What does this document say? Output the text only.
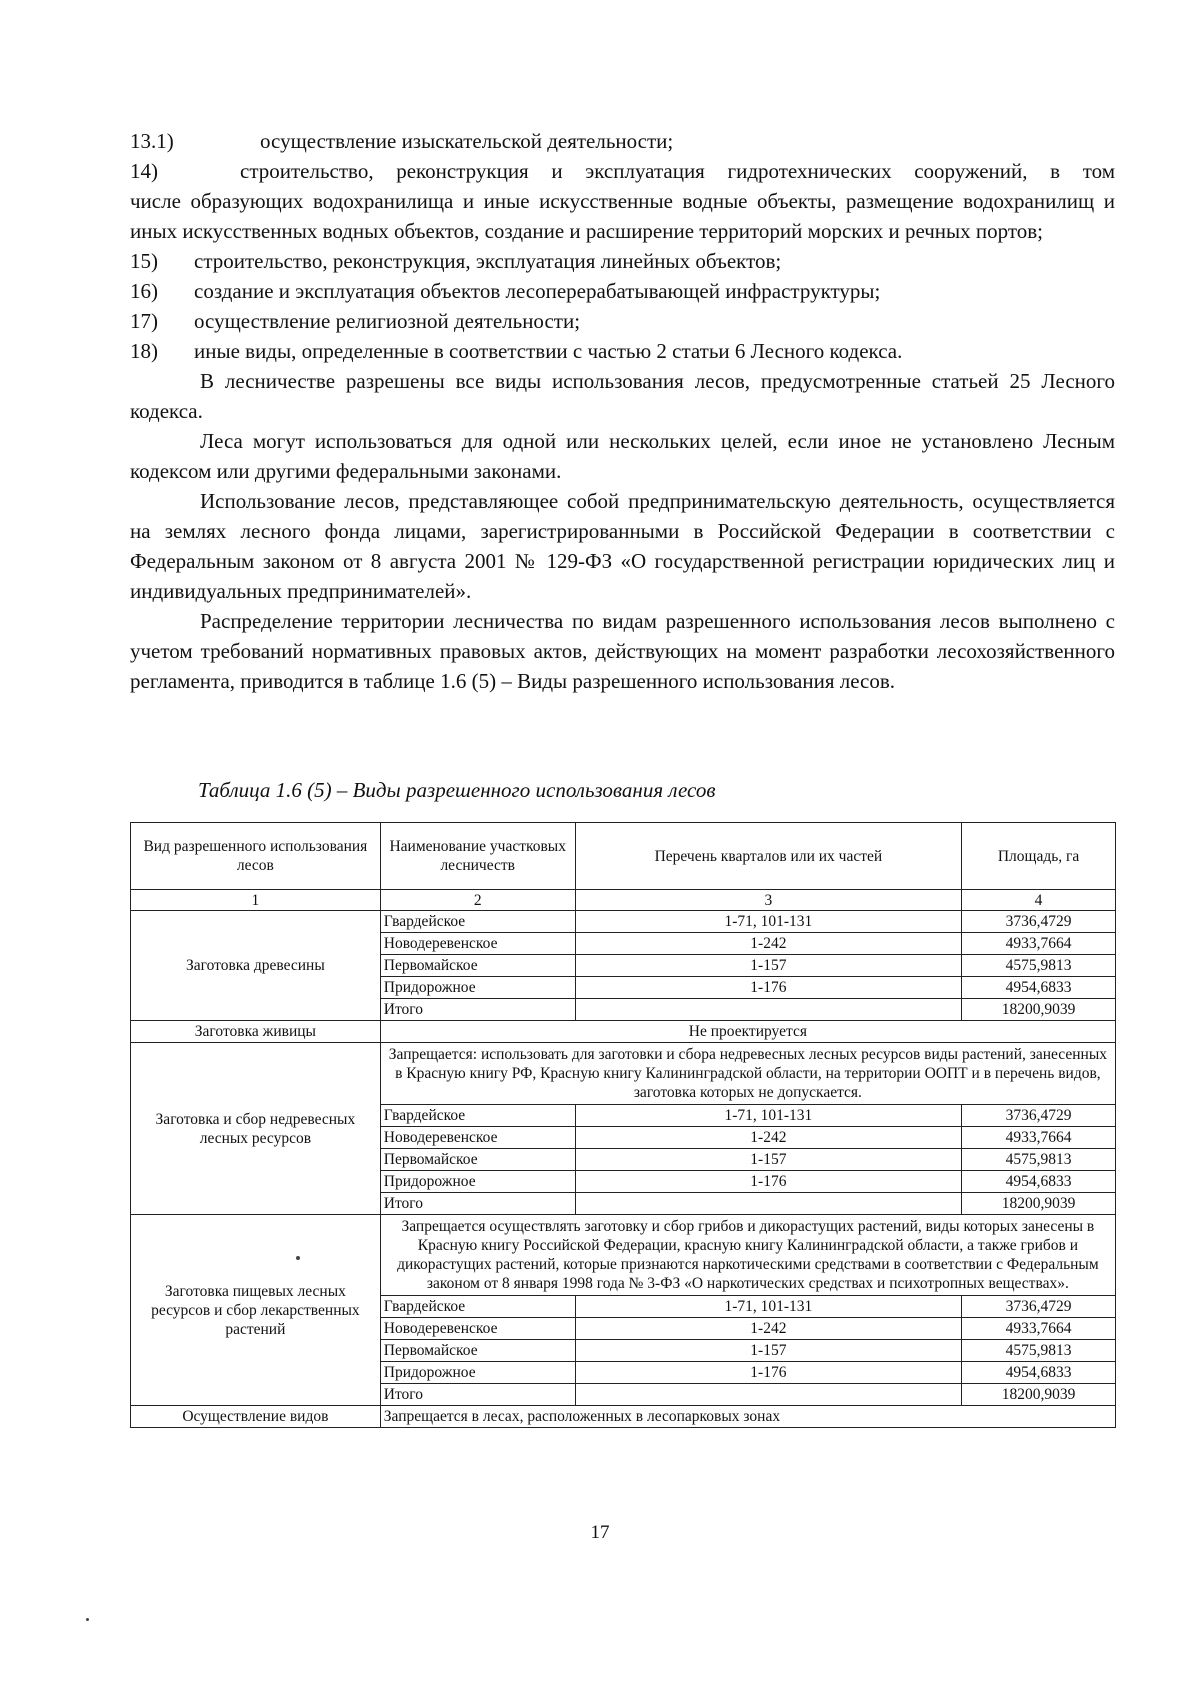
13.1)	осуществление изыскательской деятельности;
14)	строительство, реконструкция и эксплуатация гидротехнических сооружений, в том
числе образующих водохранилища и иные искусственные водные объекты, размещение водохранилищ и иных искусственных водных объектов, создание и расширение территорий морских и речных портов;
15)	строительство, реконструкция, эксплуатация линейных объектов;
16)	создание и эксплуатация объектов лесоперерабатывающей инфраструктуры;
17)	осуществление религиозной деятельности;
18)	иные виды, определенные в соответствии с частью 2 статьи 6 Лесного кодекса.

В лесничестве разрешены все виды использования лесов, предусмотренные статьей 25 Лесного кодекса.

Леса могут использоваться для одной или нескольких целей, если иное не установлено Лесным кодексом или другими федеральными законами.

Использование лесов, представляющее собой предпринимательскую деятельность, осуществляется на землях лесного фонда лицами, зарегистрированными в Российской Федерации в соответствии с Федеральным законом от 8 августа 2001 № 129-ФЗ «О государственной регистрации юридических лиц и индивидуальных предпринимателей».

Распределение территории лесничества по видам разрешенного использования лесов выполнено с учетом требований нормативных правовых актов, действующих на момент разработки лесохозяйственного регламента, приводится в таблице 1.6 (5) – Виды разрешенного использования лесов.

Таблица 1.6 (5) – Виды разрешенного использования лесов
Вид разрешенного использования лесов	Наименование участковых лесничеств	Перечень кварталов или их частей	Площадь, га
1	2	3	4
Заготовка древесины	Гвардейское	1-71, 101-131	3736,4729
	Новодеревенское	1-242	4933,7664
	Первомайское	1-157	4575,9813
	Придорожное	1-176	4954,6833
	Итого		18200,9039
Заготовка живицы	Не проектируется		
Заготовка и сбор недревесных лесных ресурсов	Запрещается: использовать для заготовки и сбора недревесных лесных ресурсов виды растений, занесенных в Красную книгу РФ, Красную книгу Калининградской области, на территории ООПТ и в перечень видов, заготовка которых не допускается.		
	Гвардейское	1-71, 101-131	3736,4729
	Новодеревенское	1-242	4933,7664
	Первомайское	1-157	4575,9813
	Придорожное	1-176	4954,6833
	Итого		18200,9039
Заготовка пищевых лесных ресурсов и сбор лекарственных растений	Запрещается осуществлять заготовку и сбор грибов и дикорастущих растений, виды которых занесены в Красную книгу Российской Федерации, красную книгу Калининградской области, а также грибов и дикорастущих растений, которые признаются наркотическими средствами в соответствии с Федеральным законом от 8 января 1998 года № 3-ФЗ «О наркотических средствах и психотропных веществах».		
	Гвардейское	1-71, 101-131	3736,4729
	Новодеревенское	1-242	4933,7664
	Первомайское	1-157	4575,9813
	Придорожное	1-176	4954,6833
	Итого		18200,9039
Осуществление видов	Запрещается в лесах, расположенных в лесопарковых зонах		
17
